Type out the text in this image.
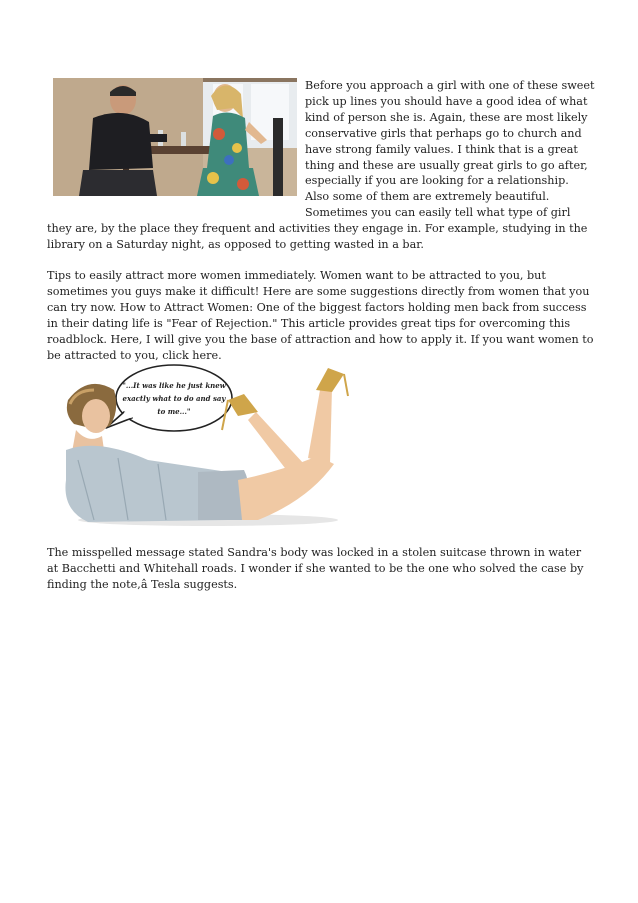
Before you approach a girl with one of these sweet pick up lines you should have a good idea of what kind of person she is. Again, these are most likely conservative girls that perhaps go to church and have strong family values. I think that is a great thing and these are usually great girls to go after, especially if you are looking for a relationship. Also some of them are extremely beautiful. Sometimes you can easily tell what type of girl they are, by the place they frequent and activities they engage in. For example, studying in the library on a Saturday night, as opposed to getting wasted in a bar.

Tips to easily attract more women immediately. Women want to be attracted to you, but sometimes you guys make it difficult! Here are some suggestions directly from women that you can try now. How to Attract Women: One of the biggest factors holding men back from success in their dating life is "Fear of Rejection." This article provides great tips for overcoming this roadblock. Here, I will give you the base of attraction and how to apply it. If you want women to be attracted to you, click here.

"...It was like he just knew
exactly what to do and say
to me..."

The misspelled message stated Sandra's body was locked in a stolen suitcase thrown in water at Bacchetti and Whitehall roads. I wonder if she wanted to be the one who solved the case by finding the note,â Tesla suggests.
